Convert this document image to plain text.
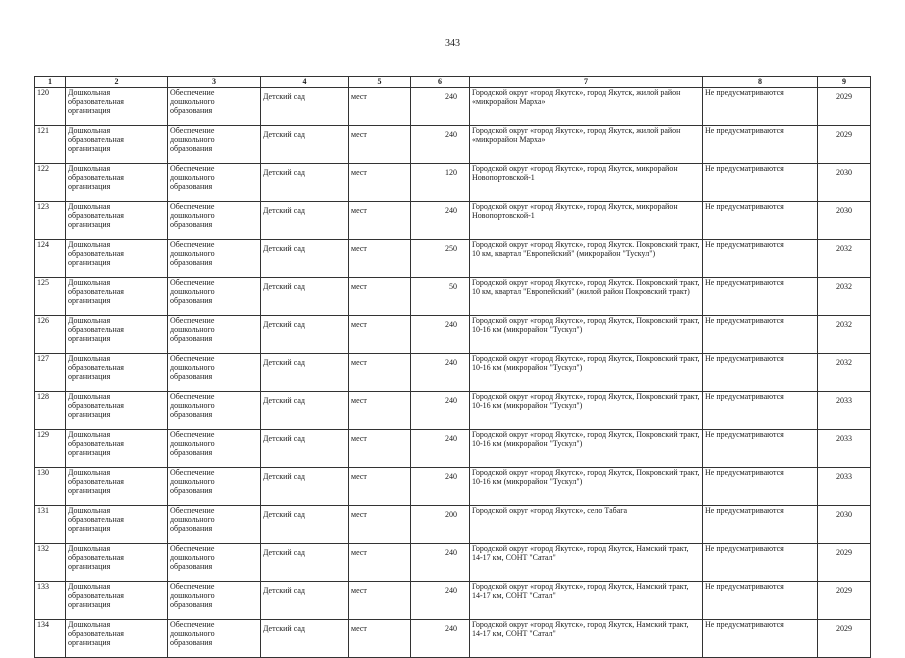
343
1	2	3	4	5	6	7	8	9
120	Дошкольная образовательная организация	Обеспечение дошкольного образования	Детский сад	мест	240	Городской округ «город Якутск», город Якутск, жилой район «микрорайон Марха»	Не предусматриваются	2029
121	Дошкольная образовательная организация	Обеспечение дошкольного образования	Детский сад	мест	240	Городской округ «город Якутск», город Якутск, жилой район «микрорайон Марха»	Не предусматриваются	2029
122	Дошкольная образовательная организация	Обеспечение дошкольного образования	Детский сад	мест	120	Городской округ «город Якутск», город Якутск, микрорайон Новопортовской-1	Не предусматриваются	2030
123	Дошкольная образовательная организация	Обеспечение дошкольного образования	Детский сад	мест	240	Городской округ «город Якутск», город Якутск, микрорайон Новопортовской-1	Не предусматриваются	2030
124	Дошкольная образовательная организация	Обеспечение дошкольного образования	Детский сад	мест	250	Городской округ «город Якутск», город Якутск. Покровский тракт, 10 км, квартал "Европейский" (микрорайон "Тускул")	Не предусматриваются	2032
125	Дошкольная образовательная организация	Обеспечение дошкольного образования	Детский сад	мест	50	Городской округ «город Якутск», город Якутск. Покровский тракт, 10 км, квартал "Европейский" (жилой район Покровский тракт)	Не предусматриваются	2032
126	Дошкольная образовательная организация	Обеспечение дошкольного образования	Детский сад	мест	240	Городской округ «город Якутск», город Якутск, Покровский тракт, 10-16 км (микрорайон "Тускул")	Не предусматриваются	2032
127	Дошкольная образовательная организация	Обеспечение дошкольного образования	Детский сад	мест	240	Городской округ «город Якутск», город Якутск, Покровский тракт, 10-16 км (микрорайон "Тускул")	Не предусматриваются	2032
128	Дошкольная образовательная организация	Обеспечение дошкольного образования	Детский сад	мест	240	Городской округ «город Якутск», город Якутск, Покровский тракт, 10-16 км (микрорайон "Тускул")	Не предусматриваются	2033
129	Дошкольная образовательная организация	Обеспечение дошкольного образования	Детский сад	мест	240	Городской округ «город Якутск», город Якутск, Покровский тракт, 10-16 км (микрорайон "Тускул")	Не предусматриваются	2033
130	Дошкольная образовательная организация	Обеспечение дошкольного образования	Детский сад	мест	240	Городской округ «город Якутск», город Якутск, Покровский тракт, 10-16 км (микрорайон "Тускул")	Не предусматриваются	2033
131	Дошкольная образовательная организация	Обеспечение дошкольного образования	Детский сад	мест	200	Городской округ «город Якутск», село Табага	Не предусматриваются	2030
132	Дошкольная образовательная организация	Обеспечение дошкольного образования	Детский сад	мест	240	Городской округ «город Якутск», город Якутск, Намский тракт, 14-17 км, СОНТ "Сатал"	Не предусматриваются	2029
133	Дошкольная образовательная организация	Обеспечение дошкольного образования	Детский сад	мест	240	Городской округ «город Якутск», город Якутск, Намский тракт, 14-17 км, СОНТ "Сатал"	Не предусматриваются	2029
134	Дошкольная образовательная организация	Обеспечение дошкольного образования	Детский сад	мест	240	Городской округ «город Якутск», город Якутск, Намский тракт, 14-17 км, СОНТ "Сатал"	Не предусматриваются	2029
